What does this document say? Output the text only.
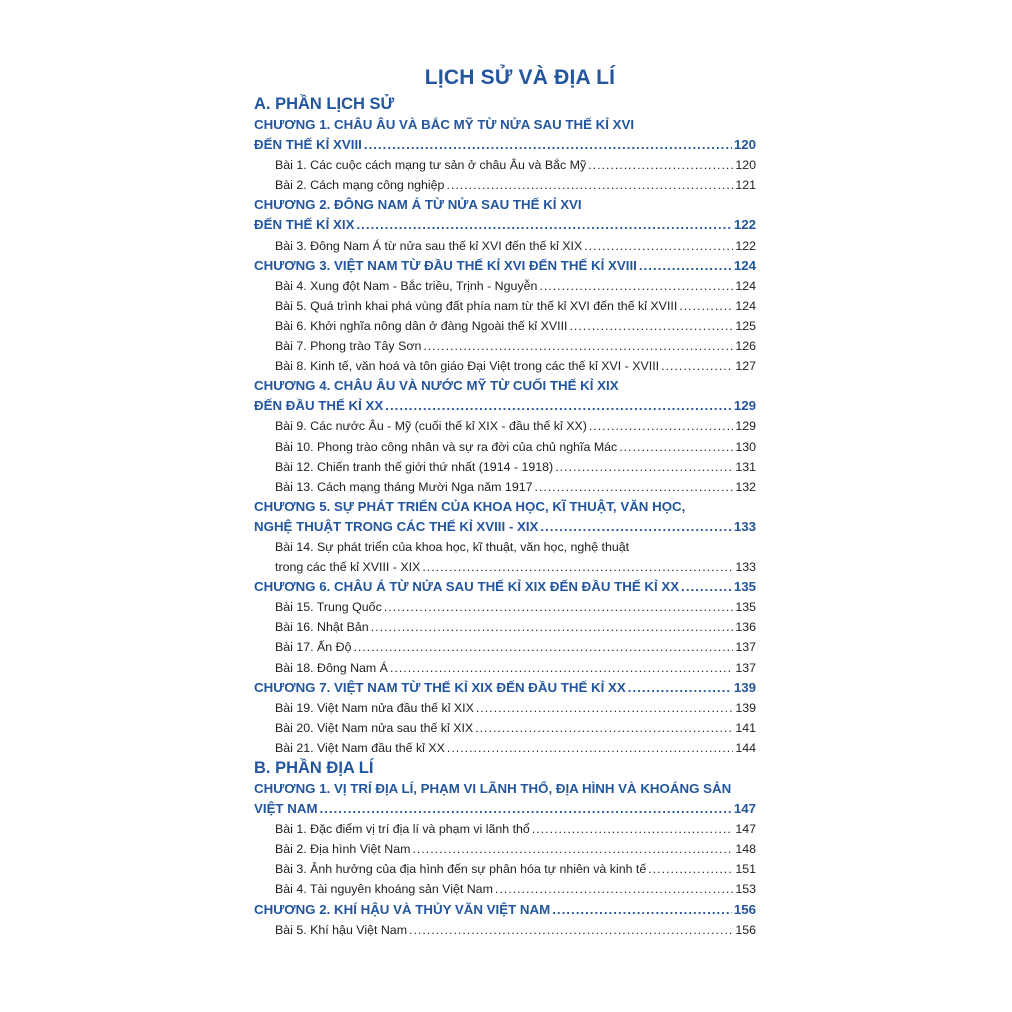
LỊCH SỬ VÀ ĐỊA LÍ
A. PHẦN LỊCH SỬ
CHƯƠNG 1. CHÂU ÂU VÀ BẮC MỸ TỪ NỬA SAU THẾ KỈ XVI
ĐẾN THẾ KỈ XVIII .....	120
Bài 1. Các cuộc cách mạng tư sản ở châu Âu và Bắc Mỹ .....	120
Bài 2. Cách mạng công nghiệp .....	121
CHƯƠNG 2. ĐÔNG NAM Á TỪ NỬA SAU THẾ KỈ XVI
ĐẾN THẾ KỈ XIX .....	122
Bài 3. Đông Nam Á từ nửa sau thế kỉ XVI đến thế kỉ XIX .....	122
CHƯƠNG 3. VIỆT NAM TỪ ĐẦU THẾ KỈ XVI ĐẾN THẾ KỈ XVIII .....	124
Bài 4. Xung đột Nam - Bắc triều, Trịnh - Nguyễn .....	124
Bài 5. Quá trình khai phá vùng đất phía nam từ thế kỉ XVI đến thế kỉ XVIII .....	124
Bài 6. Khởi nghĩa nông dân ở đàng Ngoài thế kỉ XVIII .....	125
Bài 7. Phong trào Tây Sơn .....	126
Bài 8. Kinh tế, văn hoá và tôn giáo Đại Việt trong các thế kỉ XVI - XVIII .....	127
CHƯƠNG 4. CHÂU ÂU VÀ NƯỚC MỸ TỪ CUỐI THẾ KỈ XIX
ĐẾN ĐẦU THẾ KỈ XX .....	129
Bài 9. Các nước Âu - Mỹ (cuối thế kỉ XIX - đầu thế kỉ XX) .....	129
Bài 10. Phong trào công nhân và sự ra đời của chủ nghĩa Mác .....	130
Bài 12. Chiến tranh thế giới thứ nhất (1914 - 1918) .....	131
Bài 13. Cách mạng tháng Mười Nga năm 1917 .....	132
CHƯƠNG 5. SỰ PHÁT TRIỂN CỦA KHOA HỌC, KĨ THUẬT, VĂN HỌC,
NGHỆ THUẬT TRONG CÁC THẾ KỈ XVIII - XIX .....	133
Bài 14. Sự phát triển của khoa học, kĩ thuật, văn học, nghệ thuật
trong các thế kỉ XVIII - XIX .....	133
CHƯƠNG 6. CHÂU Á TỪ NỬA SAU THẾ KỈ XIX ĐẾN ĐẦU THẾ KỈ XX .....	135
Bài 15. Trung Quốc .....	135
Bài 16. Nhật Bản .....	136
Bài 17. Ấn Độ .....	137
Bài 18. Đông Nam Á .....	137
CHƯƠNG 7. VIỆT NAM TỪ THẾ KỈ XIX ĐẾN ĐẦU THẾ KỈ XX .....	139
Bài 19. Việt Nam nửa đầu thế kỉ XIX .....	139
Bài 20. Việt Nam nửa sau thế kỉ XIX .....	141
Bài 21. Việt Nam đầu thế kỉ XX .....	144
B. PHẦN ĐỊA LÍ
CHƯƠNG 1. VỊ TRÍ ĐỊA LÍ, PHẠM VI LÃNH THỔ, ĐỊA HÌNH VÀ KHOÁNG SẢN
VIỆT NAM .....	147
Bài 1. Đặc điểm vị trí địa lí và phạm vi lãnh thổ .....	147
Bài 2. Địa hình Việt Nam .....	148
Bài 3. Ảnh hưởng của địa hình đến sự phân hóa tự nhiên và kinh tế .....	151
Bài 4. Tài nguyên khoáng sản Việt Nam .....	153
CHƯƠNG 2. KHÍ HẬU VÀ THỦY VĂN VIỆT NAM .....	156
Bài 5. Khí hậu Việt Nam .....	156
